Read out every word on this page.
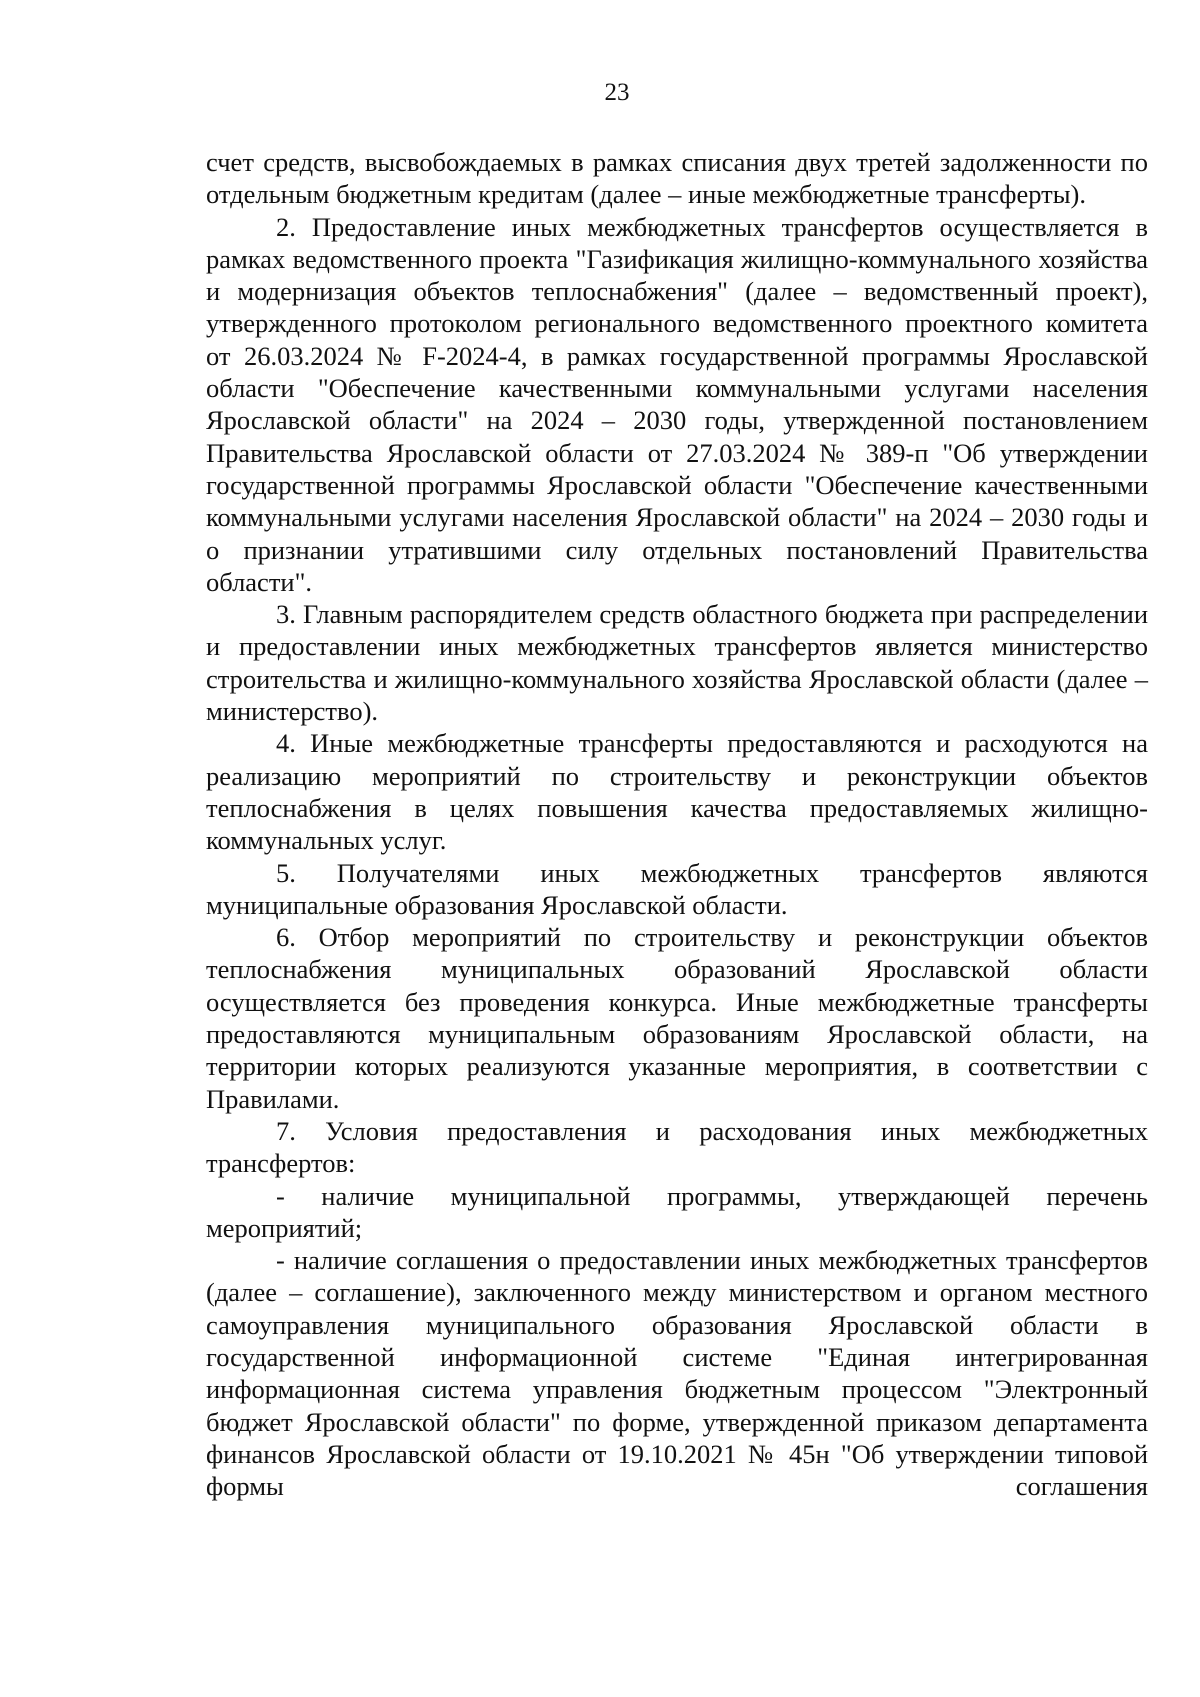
23

счет средств, высвобождаемых в рамках списания двух третей задолженности по отдельным бюджетным кредитам (далее – иные межбюджетные трансферты).

2. Предоставление иных межбюджетных трансфертов осуществляется в рамках ведомственного проекта "Газификация жилищно-коммунального хозяйства и модернизация объектов теплоснабжения" (далее – ведомственный проект), утвержденного протоколом регионального ведомственного проектного комитета от 26.03.2024 № F-2024-4, в рамках государственной программы Ярославской области "Обеспечение качественными коммунальными услугами населения Ярославской области" на 2024 – 2030 годы, утвержденной постановлением Правительства Ярославской области от 27.03.2024 № 389-п "Об утверждении государственной программы Ярославской области "Обеспечение качественными коммунальными услугами населения Ярославской области" на 2024 – 2030 годы и о признании утратившими силу отдельных постановлений Правительства области".

3. Главным распорядителем средств областного бюджета при распределении и предоставлении иных межбюджетных трансфертов является министерство строительства и жилищно-коммунального хозяйства Ярославской области (далее – министерство).

4. Иные межбюджетные трансферты предоставляются и расходуются на реализацию мероприятий по строительству и реконструкции объектов теплоснабжения в целях повышения качества предоставляемых жилищно-коммунальных услуг.

5. Получателями иных межбюджетных трансфертов являются муниципальные образования Ярославской области.

6. Отбор мероприятий по строительству и реконструкции объектов теплоснабжения муниципальных образований Ярославской области осуществляется без проведения конкурса. Иные межбюджетные трансферты предоставляются муниципальным образованиям Ярославской области, на территории которых реализуются указанные мероприятия, в соответствии с Правилами.

7. Условия предоставления и расходования иных межбюджетных трансфертов:

- наличие муниципальной программы, утверждающей перечень мероприятий;

- наличие соглашения о предоставлении иных межбюджетных трансфертов (далее – соглашение), заключенного между министерством и органом местного самоуправления муниципального образования Ярославской области в государственной информационной системе "Единая интегрированная информационная система управления бюджетным процессом "Электронный бюджет Ярославской области" по форме, утвержденной приказом департамента финансов Ярославской области от 19.10.2021 № 45н "Об утверждении типовой формы соглашения
